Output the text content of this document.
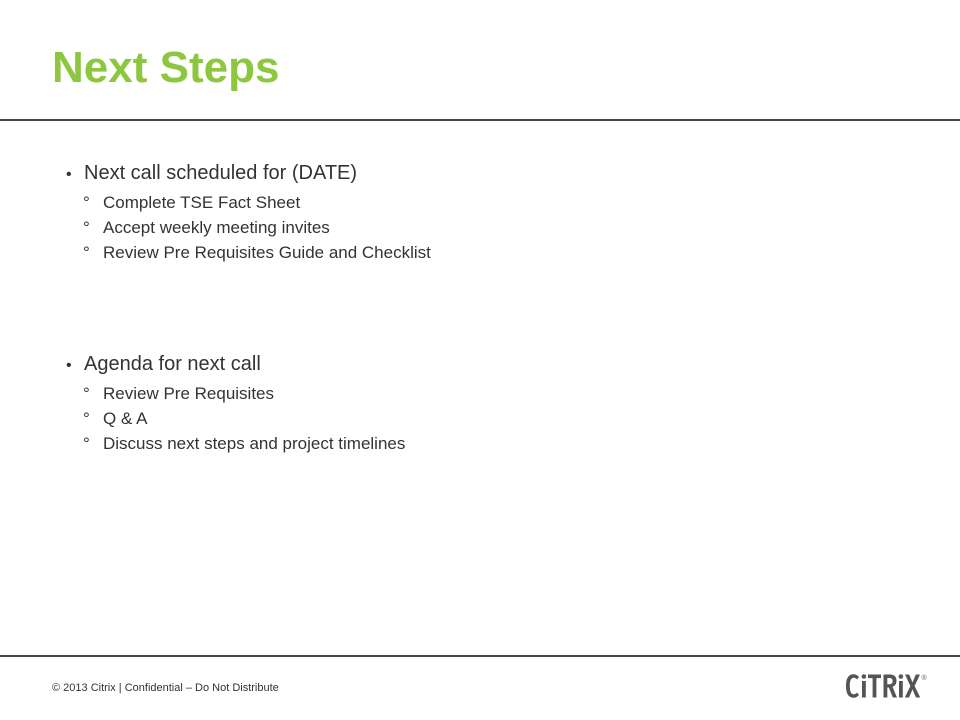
Next Steps
• Next call scheduled for (DATE)
° Complete TSE Fact Sheet
° Accept weekly meeting invites
° Review Pre Requisites Guide and Checklist
• Agenda for next call
° Review Pre Requisites
° Q & A
° Discuss next steps and project timelines
© 2013 Citrix | Confidential – Do Not Distribute
®
